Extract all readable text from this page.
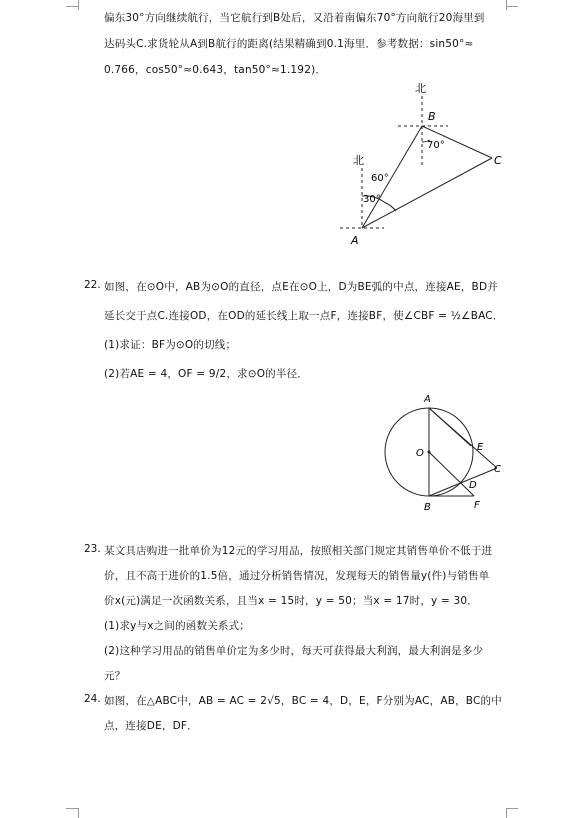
偏东30°方向继续航行，当它航行到B处后，又沿着南偏东70°方向航行20海里到
达码头C.求货轮从A到B航行的距离(结果精确到0.1海里．参考数据：sin50°≈
0.766，cos50°≈0.643，tan50°≈1.192)．
北
北
B
C
A
70°
60°
30°
22. 如图，在⊙O中，AB为⊙O的直径，点E在⊙O上，D为BE弧的中点，连接AE，BD并
延长交于点C.连接OD，在OD的延长线上取一点F，连接BF，使∠CBF = ½∠BAC．
(1)求证：BF为⊙O的切线；
(2)若AE = 4，OF = 9/2，求⊙O的半径．
A
O
E
C
D
B	F
23. 某文具店购进一批单价为12元的学习用品，按照相关部门规定其销售单价不低于进
价，且不高于进价的1.5倍，通过分析销售情况，发现每天的销售量y(件)与销售单
价x(元)满足一次函数关系，且当x = 15时，y = 50；当x = 17时，y = 30．
(1)求y与x之间的函数关系式；
(2)这种学习用品的销售单价定为多少时，每天可获得最大利润，最大利润是多少
元？
24. 如图，在△ABC中，AB = AC = 2√5，BC = 4，D，E，F分别为AC，AB，BC的中
点，连接DE，DF．
